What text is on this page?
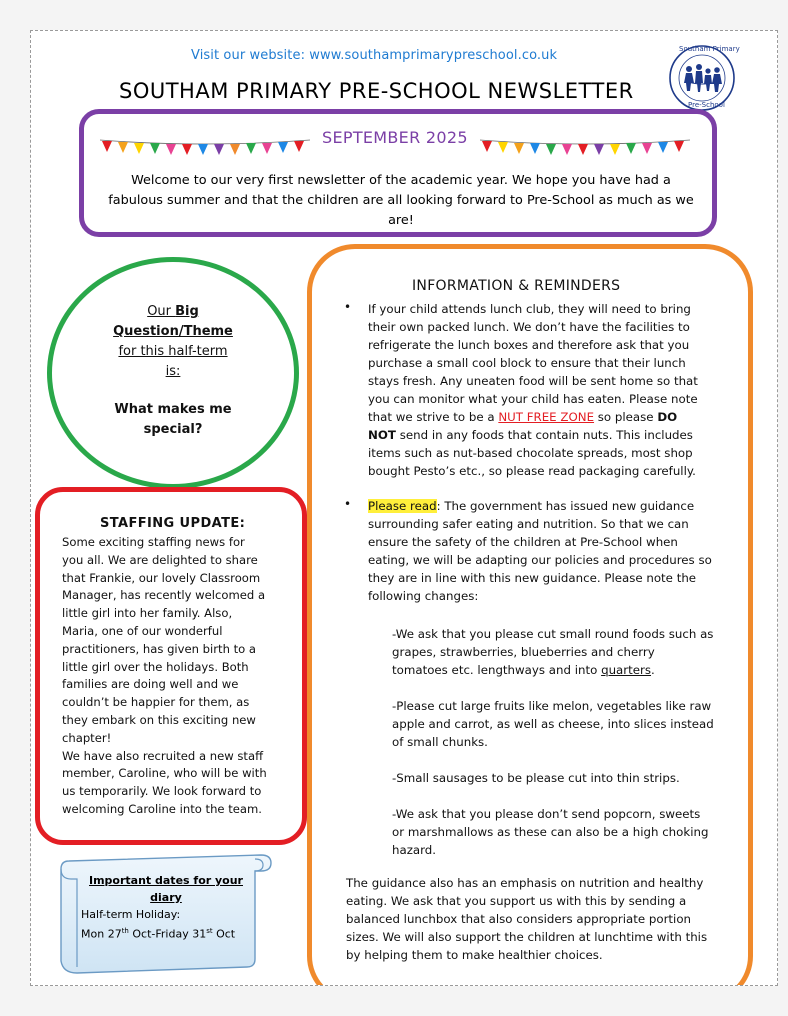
Visit our website: www.southamprimarypreschool.co.uk	Southam Primary
Pre-School
SOUTHAM PRIMARY PRE-SCHOOL NEWSLETTER
SEPTEMBER 2025
Welcome to our very first newsletter of the academic year. We hope you have had a fabulous summer and that the children are all looking forward to Pre-School as much as we are!
Our Big
Question/Theme
for this half-term
is:
What makes me special?
STAFFING UPDATE:
Some exciting staffing news for
you all. We are delighted to share
that Frankie, our lovely Classroom
Manager, has recently welcomed a
little girl into her family. Also,
Maria, one of our wonderful
practitioners, has given birth to a
little girl over the holidays. Both
families are doing well and we
couldn’t be happier for them, as
they embark on this exciting new
chapter!
We have also recruited a new staff
member, Caroline, who will be with
us temporarily. We look forward to
welcoming Caroline into the team.
Important dates for your
diary
Half-term Holiday:
Mon 27th Oct-Friday 31st Oct
INFORMATION & REMINDERS
• If your child attends lunch club, they will need to bring
their own packed lunch. We don’t have the facilities to
refrigerate the lunch boxes and therefore ask that you
purchase a small cool block to ensure that their lunch
stays fresh. Any uneaten food will be sent home so that
you can monitor what your child has eaten. Please note
that we strive to be a NUT FREE ZONE so please DO
NOT send in any foods that contain nuts. This includes
items such as nut-based chocolate spreads, most shop
bought Pesto’s etc., so please read packaging carefully.
• Please read: The government has issued new guidance
surrounding safer eating and nutrition. So that we can
ensure the safety of the children at Pre-School when
eating, we will be adapting our policies and procedures so
they are in line with this new guidance. Please note the
following changes:
-We ask that you please cut small round foods such as
grapes, strawberries, blueberries and cherry
tomatoes etc. lengthways and into quarters.
-Please cut large fruits like melon, vegetables like raw
apple and carrot, as well as cheese, into slices instead
of small chunks.
-Small sausages to be please cut into thin strips.
-We ask that you please don’t send popcorn, sweets
or marshmallows as these can also be a high choking
hazard.
The guidance also has an emphasis on nutrition and healthy
eating. We ask that you support us with this by sending a
balanced lunchbox that also considers appropriate portion
sizes. We will also support the children at lunchtime with this
by helping them to make healthier choices.
